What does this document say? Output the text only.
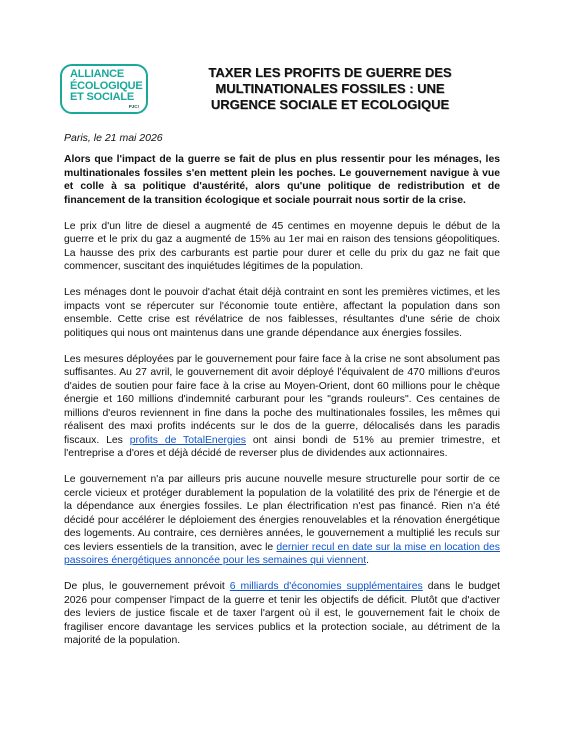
ALLIANCE
ÉCOLOGIQUE
ET SOCIALE
PJC!
TAXER LES PROFITS DE GUERRE DES MULTINATIONALES FOSSILES : UNE URGENCE SOCIALE ET ECOLOGIQUE
Paris, le 21 mai 2026

Alors que l'impact de la guerre se fait de plus en plus ressentir pour les ménages, les multinationales fossiles s'en mettent plein les poches. Le gouvernement navigue à vue et colle à sa politique d'austérité, alors qu'une politique de redistribution et de financement de la transition écologique et sociale pourrait nous sortir de la crise.

Le prix d'un litre de diesel a augmenté de 45 centimes en moyenne depuis le début de la guerre et le prix du gaz a augmenté de 15% au 1er mai en raison des tensions géopolitiques. La hausse des prix des carburants est partie pour durer et celle du prix du gaz ne fait que commencer, suscitant des inquiétudes légitimes de la population.

Les ménages dont le pouvoir d'achat était déjà contraint en sont les premières victimes, et les impacts vont se répercuter sur l'économie toute entière, affectant la population dans son ensemble. Cette crise est révélatrice de nos faiblesses, résultantes d'une série de choix politiques qui nous ont maintenus dans une grande dépendance aux énergies fossiles.

Les mesures déployées par le gouvernement pour faire face à la crise ne sont absolument pas suffisantes. Au 27 avril, le gouvernement dit avoir déployé l'équivalent de 470 millions d'euros d'aides de soutien pour faire face à la crise au Moyen-Orient, dont 60 millions pour le chèque énergie et 160 millions d'indemnité carburant pour les "grands rouleurs". Ces centaines de millions d'euros reviennent in fine dans la poche des multinationales fossiles, les mêmes qui réalisent des maxi profits indécents sur le dos de la guerre, délocalisés dans les paradis fiscaux. Les profits de TotalEnergies ont ainsi bondi de 51% au premier trimestre, et l'entreprise a d'ores et déjà décidé de reverser plus de dividendes aux actionnaires.

Le gouvernement n'a par ailleurs pris aucune nouvelle mesure structurelle pour sortir de ce cercle vicieux et protéger durablement la population de la volatilité des prix de l'énergie et de la dépendance aux énergies fossiles. Le plan électrification n'est pas financé. Rien n'a été décidé pour accélérer le déploiement des énergies renouvelables et la rénovation énergétique des logements. Au contraire, ces dernières années, le gouvernement a multiplié les reculs sur ces leviers essentiels de la transition, avec le dernier recul en date sur la mise en location des passoires énergétiques annoncée pour les semaines qui viennent.

De plus, le gouvernement prévoit 6 milliards d'économies supplémentaires dans le budget 2026 pour compenser l'impact de la guerre et tenir les objectifs de déficit. Plutôt que d'activer des leviers de justice fiscale et de taxer l'argent où il est, le gouvernement fait le choix de fragiliser encore davantage les services publics et la protection sociale, au détriment de la majorité de la population.
